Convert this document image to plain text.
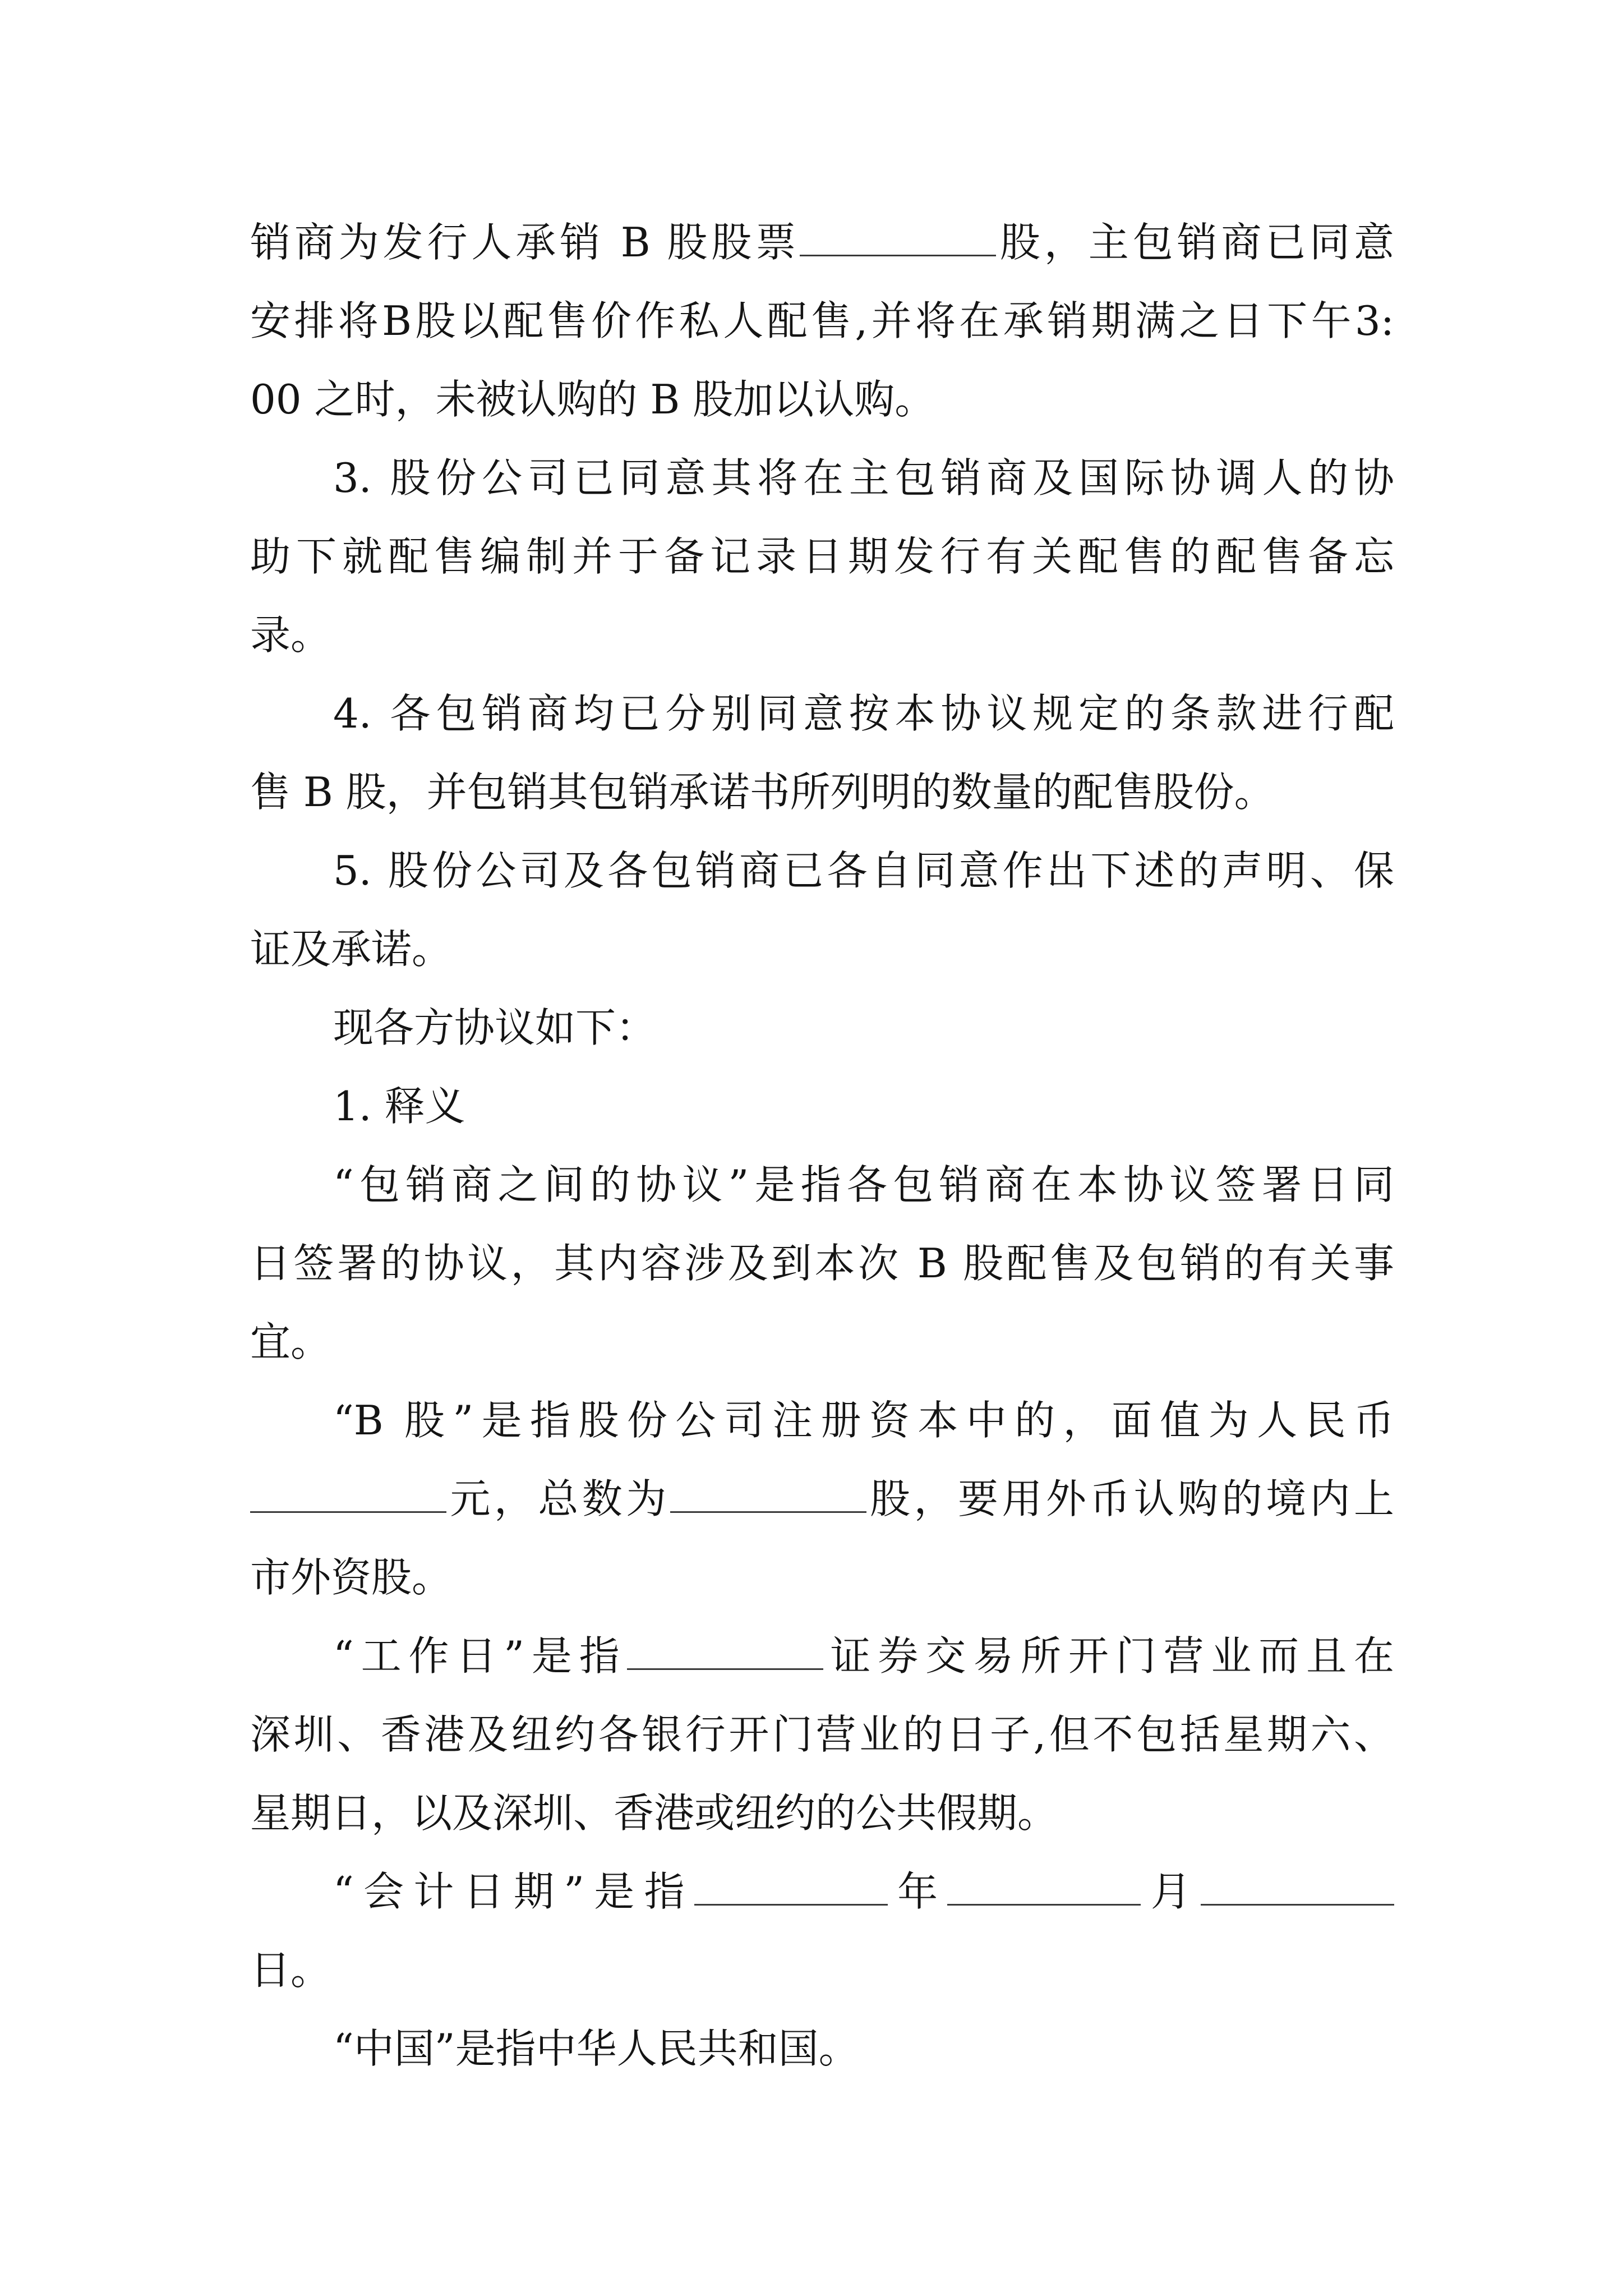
销商为发行人承销 B 股股票	股，主包销商已同意
安排将B股以配售价作私人配售,并将在承销期满之日下午3:
00 之时，未被认购的 B 股加以认购。
3. 股份公司已同意其将在主包销商及国际协调人的协
助下就配售编制并于备记录日期发行有关配售的配售备忘
录。
4. 各包销商均已分别同意按本协议规定的条款进行配
售 B 股，并包销其包销承诺书所列明的数量的配售股份。
5. 股份公司及各包销商已各自同意作出下述的声明、保
证及承诺。
现各方协议如下：
1. 释义
“包销商之间的协议”是指各包销商在本协议签署日同
日签署的协议，其内容涉及到本次 B 股配售及包销的有关事
宜。
“B 股”是指股份公司注册资本中的，面值为人民币
元，总数为	股，要用外币认购的境内上
市外资股。
“工作日”是指	证券交易所开门营业而且在
深圳、香港及纽约各银行开门营业的日子,但不包括星期六、
星期日，以及深圳、香港或纽约的公共假期。
“会计日期”是指	年	月
日。
“中国”是指中华人民共和国。
